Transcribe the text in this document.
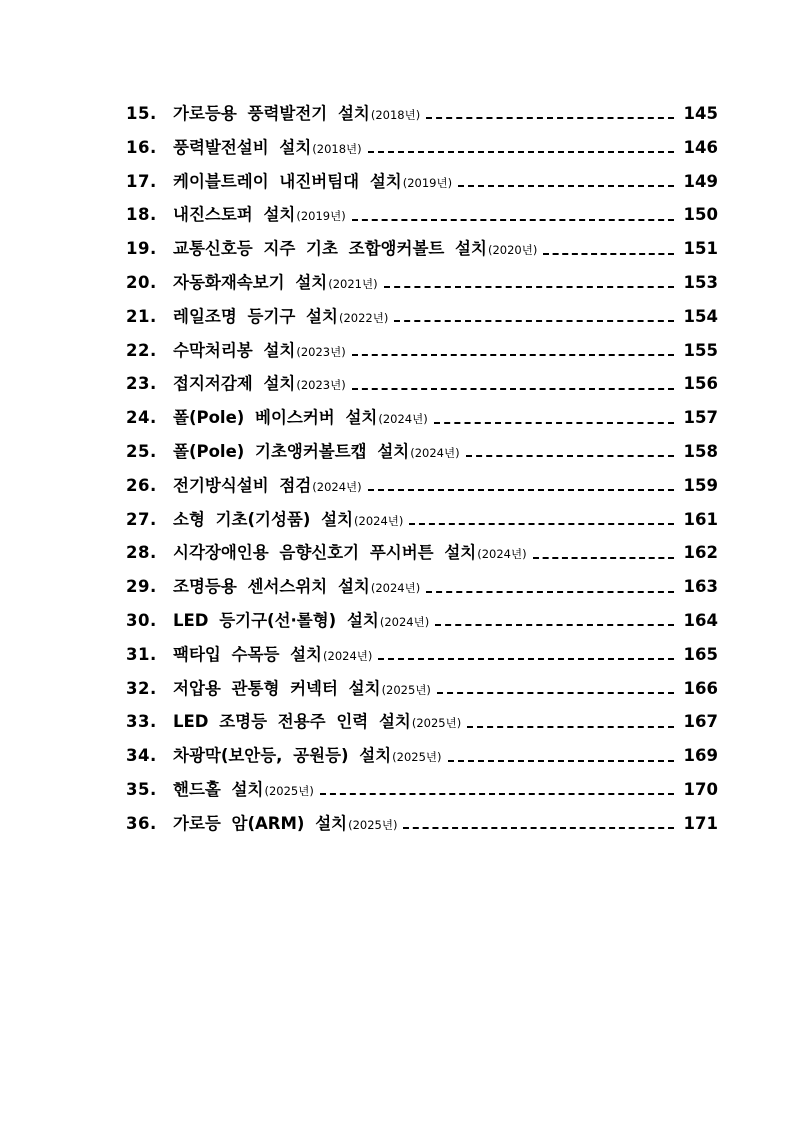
15. 가로등용 풍력발전기 설치 (2018년)	145
16. 풍력발전설비 설치 (2018년)	146
17. 케이블트레이 내진버팀대 설치 (2019년)	149
18. 내진스토퍼 설치 (2019년)	150
19. 교통신호등 지주 기초 조합앵커볼트 설치 (2020년)	151
20. 자동화재속보기 설치 (2021년)	153
21. 레일조명 등기구 설치 (2022년)	154
22. 수막처리봉 설치 (2023년)	155
23. 접지저감제 설치 (2023년)	156
24. 폴(Pole) 베이스커버 설치 (2024년)	157
25. 폴(Pole) 기초앵커볼트캡 설치 (2024년)	158
26. 전기방식설비 점검 (2024년)	159
27. 소형 기초(기성품) 설치 (2024년)	161
28. 시각장애인용 음향신호기 푸시버튼 설치 (2024년)	162
29. 조명등용 센서스위치 설치 (2024년)	163
30. LED 등기구(선·롤형) 설치 (2024년)	164
31. 팩타입 수목등 설치 (2024년)	165
32. 저압용 관통형 커넥터 설치 (2025년)	166
33. LED 조명등 전용주 인력 설치 (2025년)	167
34. 차광막(보안등, 공원등) 설치 (2025년)	169
35. 핸드홀 설치 (2025년)	170
36. 가로등 암(ARM) 설치 (2025년)	171
